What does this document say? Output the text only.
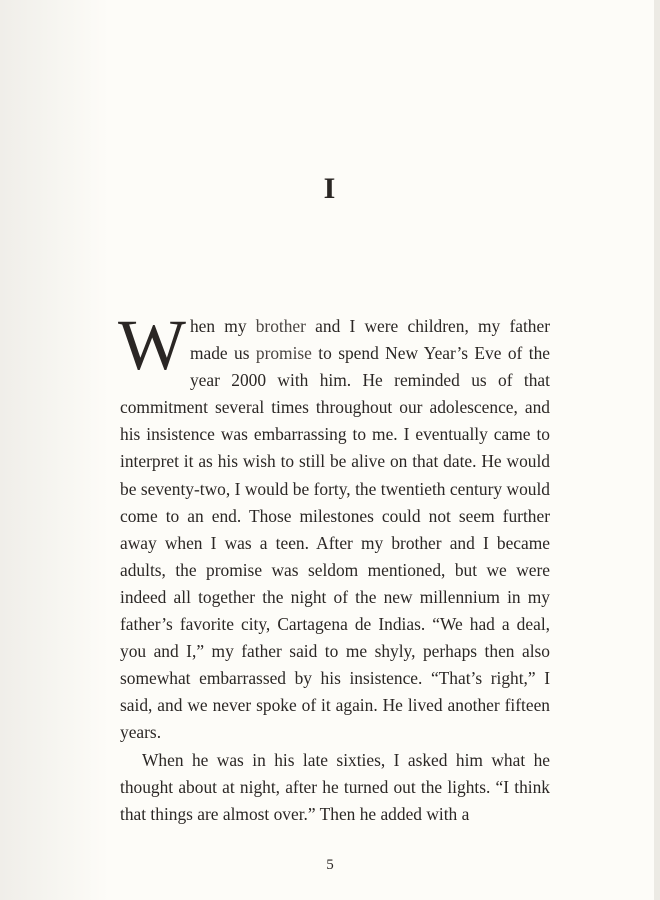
I

When my brother and I were children, my father made us promise to spend New Year’s Eve of the year 2000 with him. He reminded us of that commitment several times throughout our adolescence, and his insistence was embarrassing to me. I eventually came to interpret it as his wish to still be alive on that date. He would be seventy-two, I would be forty, the twentieth century would come to an end. Those milestones could not seem further away when I was a teen. After my brother and I became adults, the promise was seldom mentioned, but we were indeed all together the night of the new millennium in my father’s favorite city, Cartagena de Indias. “We had a deal, you and I,” my father said to me shyly, perhaps then also somewhat embarrassed by his insistence. “That’s right,” I said, and we never spoke of it again. He lived another fifteen years.

When he was in his late sixties, I asked him what he thought about at night, after he turned out the lights. “I think that things are almost over.” Then he added with a

5
